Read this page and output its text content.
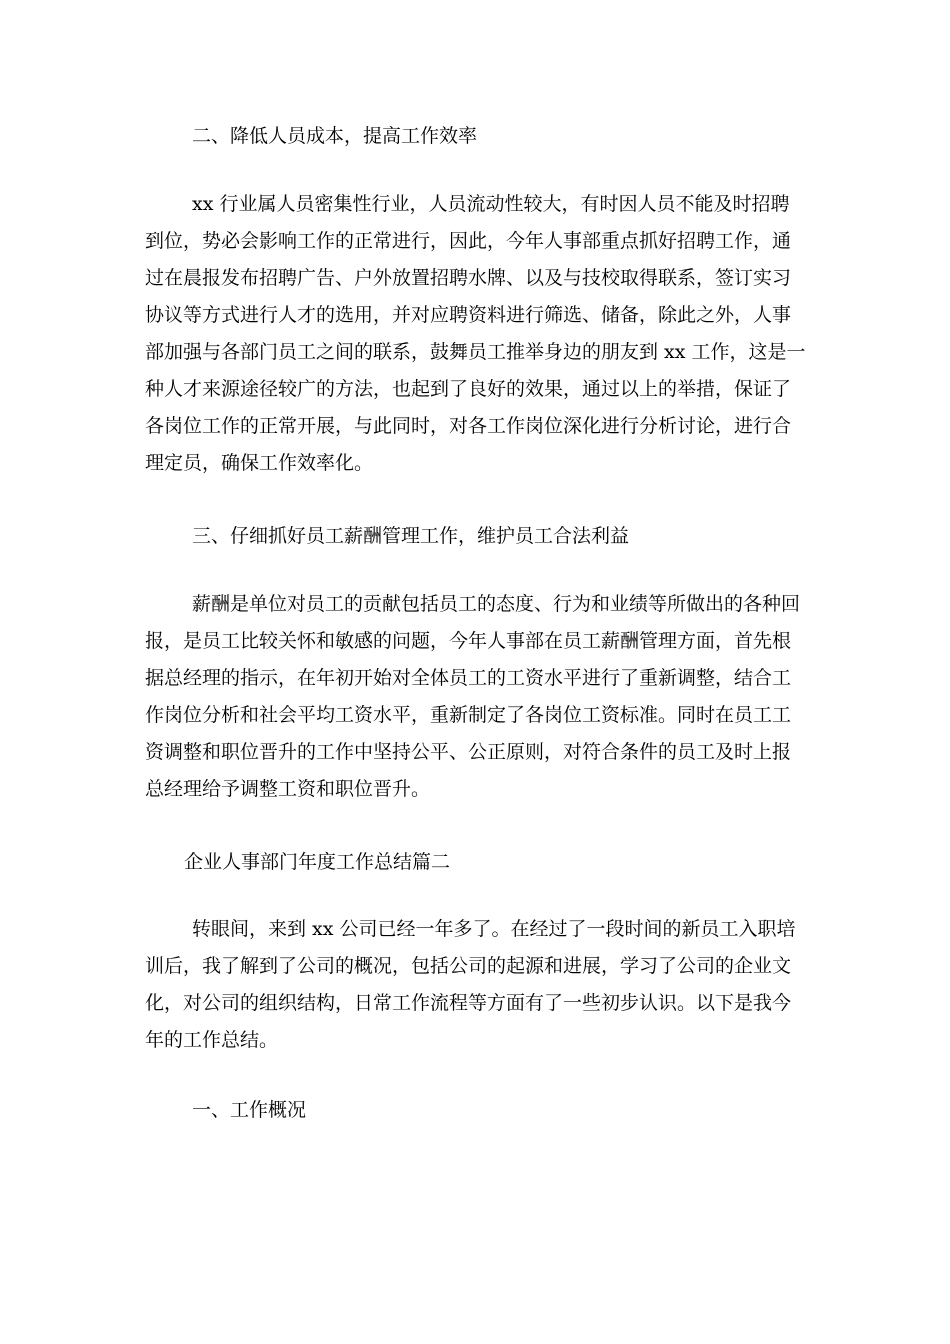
二、降低人员成本，提高工作效率
xx 行业属人员密集性行业，人员流动性较大，有时因人员不能及时招聘
到位，势必会影响工作的正常进行，因此，今年人事部重点抓好招聘工作，通
过在晨报发布招聘广告、户外放置招聘水牌、以及与技校取得联系，签订实习
协议等方式进行人才的选用，并对应聘资料进行筛选、储备，除此之外，人事
部加强与各部门员工之间的联系，鼓舞员工推举身边的朋友到 xx 工作，这是一
种人才来源途径较广的方法，也起到了良好的效果，通过以上的举措，保证了
各岗位工作的正常开展，与此同时，对各工作岗位深化进行分析讨论，进行合
理定员，确保工作效率化。
三、仔细抓好员工薪酬管理工作，维护员工合法利益
薪酬是单位对员工的贡献包括员工的态度、行为和业绩等所做出的各种回
报，是员工比较关怀和敏感的问题，今年人事部在员工薪酬管理方面，首先根
据总经理的指示，在年初开始对全体员工的工资水平进行了重新调整，结合工
作岗位分析和社会平均工资水平，重新制定了各岗位工资标准。同时在员工工
资调整和职位晋升的工作中坚持公平、公正原则，对符合条件的员工及时上报
总经理给予调整工资和职位晋升。
企业人事部门年度工作总结篇二
转眼间，来到 xx 公司已经一年多了。在经过了一段时间的新员工入职培
训后，我了解到了公司的概况，包括公司的起源和进展，学习了公司的企业文
化，对公司的组织结构，日常工作流程等方面有了一些初步认识。以下是我今
年的工作总结。
一、工作概况
